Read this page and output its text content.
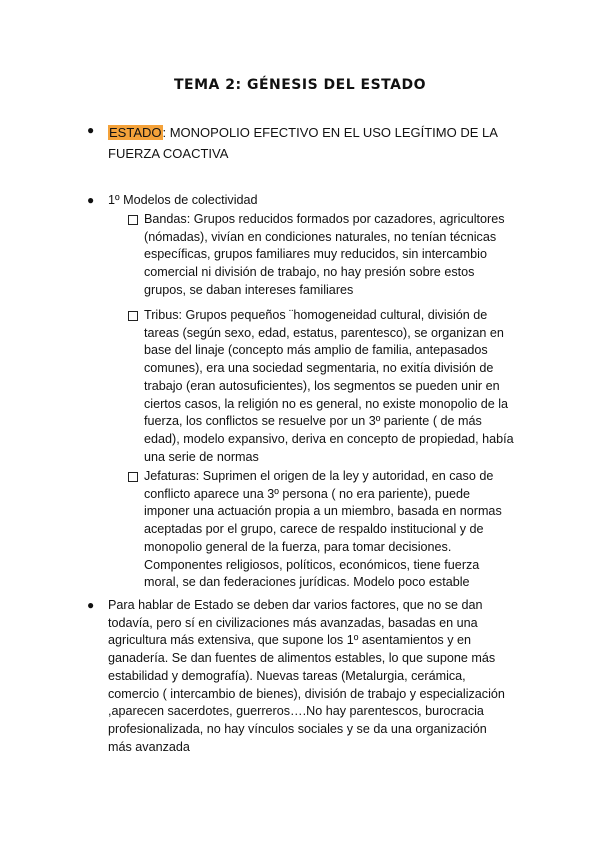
TEMA 2: GÉNESIS DEL ESTADO
● ESTADO: MONOPOLIO EFECTIVO EN EL USO LEGÍTIMO DE LA
FUERZA COACTIVA
● 1º Modelos de colectividad
Bandas: Grupos reducidos formados por cazadores, agricultores
(nómadas), vivían en condiciones naturales, no tenían técnicas
específicas, grupos familiares muy reducidos, sin intercambio
comercial ni división de trabajo, no hay presión sobre estos
grupos, se daban intereses familiares
Tribus: Grupos pequeños ¨homogeneidad cultural, división de
tareas (según sexo, edad, estatus, parentesco), se organizan en
base del linaje (concepto más amplio de familia, antepasados
comunes), era una sociedad segmentaria, no exitía división de
trabajo (eran autosuficientes), los segmentos se pueden unir en
ciertos casos, la religión no es general, no existe monopolio de la
fuerza, los conflictos se resuelve por un 3º pariente ( de más
edad), modelo expansivo, deriva en concepto de propiedad, había
una serie de normas
Jefaturas: Suprimen el origen de la ley y autoridad, en caso de
conflicto aparece una 3º persona ( no era pariente), puede
imponer una actuación propia a un miembro, basada en normas
aceptadas por el grupo, carece de respaldo institucional y de
monopolio general de la fuerza, para tomar decisiones.
Componentes religiosos, políticos, económicos, tiene fuerza
moral, se dan federaciones jurídicas. Modelo poco estable
● Para hablar de Estado se deben dar varios factores, que no se dan
todavía, pero sí en civilizaciones más avanzadas, basadas en una
agricultura más extensiva, que supone los 1º asentamientos y en
ganadería. Se dan fuentes de alimentos estables, lo que supone más
estabilidad y demografía). Nuevas tareas (Metalurgia, cerámica,
comercio ( intercambio de bienes), división de trabajo y especialización
,aparecen sacerdotes, guerreros….No hay parentescos, burocracia
profesionalizada, no hay vínculos sociales y se da una organización
más avanzada
